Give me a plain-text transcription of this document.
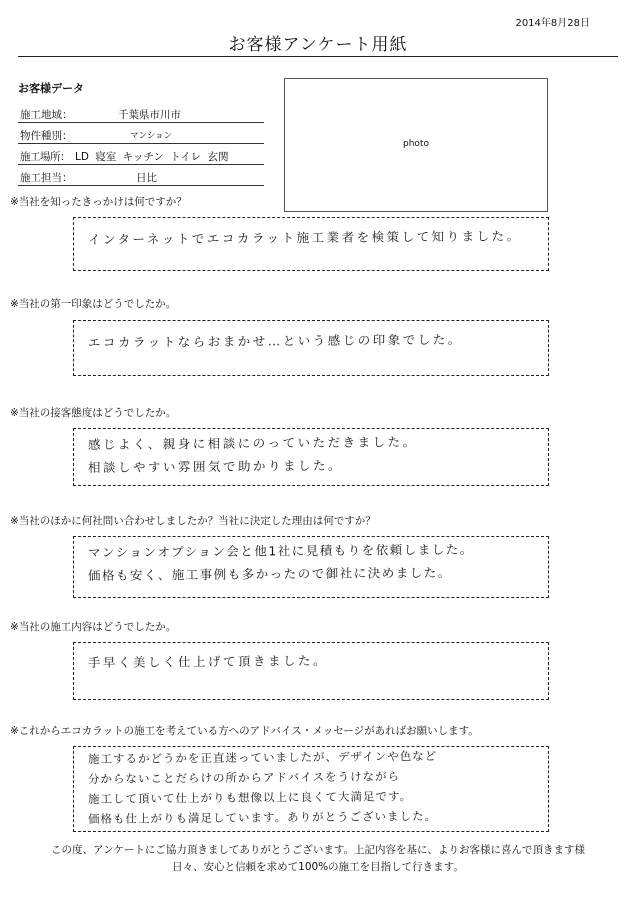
2014年8月28日
お客様アンケート用紙
お客様データ
施工地域：	千葉県市川市
物件種別：	マンション
施工場所： LD 寝室 キッチン トイレ 玄関
施工担当：	日比
photo
※当社を知ったきっかけは何ですか？
インターネットでエコカラット施工業者を検策して知りました。
※当社の第一印象はどうでしたか。
エコカラットならおまかせ…という感じの印象でした。
※当社の接客態度はどうでしたか。
感じよく、親身に相談にのっていただきました。
相談しやすい雰囲気で助かりました。
※当社のほかに何社問い合わせしましたか？当社に決定した理由は何ですか？
マンションオプション会と他1社に見積もりを依頼しました。
価格も安く、施工事例も多かったので御社に決めました。
※当社の施工内容はどうでしたか。
手早く美しく仕上げて頂きました。
※これからエコカラットの施工を考えている方へのアドバイス・メッセージがあればお願いします。
施工するかどうかを正直迷っていましたが、デザインや色など
分からないことだらけの所からアドバイスをうけながら
施工して頂いて仕上がりも想像以上に良くて大満足です。
価格も仕上がりも満足しています。ありがとうございました。
この度、アンケートにご協力頂きましてありがとうございます。上記内容を基に、よりお客様に喜んで頂きます様
日々、安心と信頼を求めて100%の施工を目指して行きます。
